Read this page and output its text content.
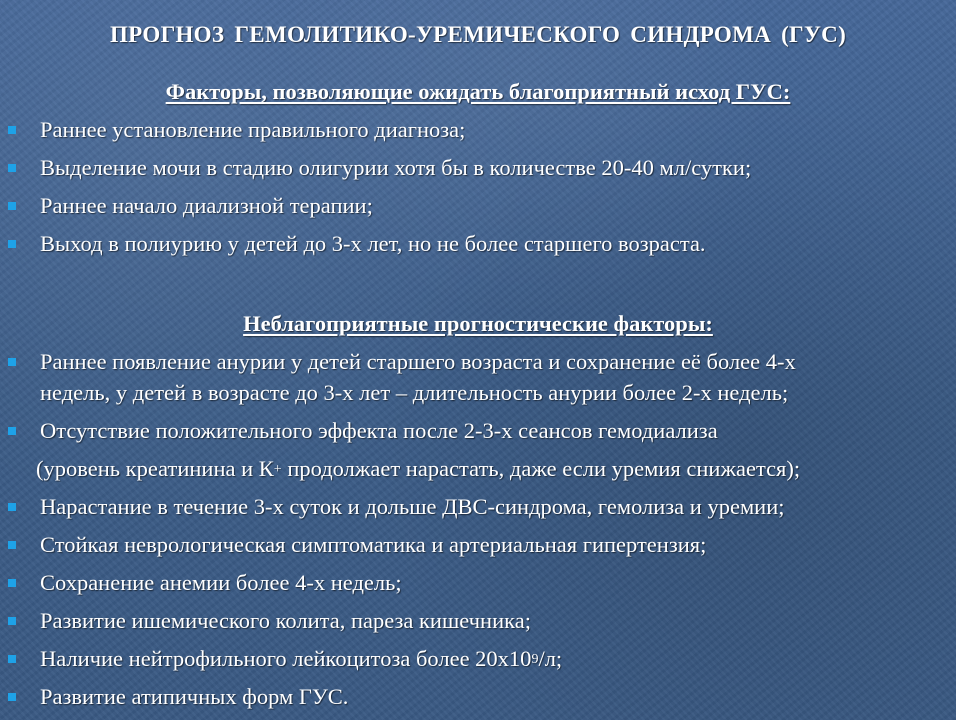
ПРОГНОЗ ГЕМОЛИТИКО-УРЕМИЧЕСКОГО СИНДРОМА (ГУС)
Факторы, позволяющие ожидать благоприятный исход ГУС:
Раннее установление правильного диагноза;
Выделение мочи в стадию олигурии хотя бы в количестве 20-40 мл/сутки;
Раннее начало диализной терапии;
Выход в полиурию у детей до 3-х лет, но не более старшего возраста.
Неблагоприятные прогностические факторы:
Раннее появление анурии у детей старшего возраста и сохранение её более 4-х
недель, у детей в возрасте до 3-х лет – длительность анурии более 2-х недель;
Отсутствие положительного эффекта после 2-3-х сеансов гемодиализа
(уровень креатинина и К+ продолжает нарастать, даже если уремия снижается);
Нарастание в течение 3-х суток и дольше ДВС-синдрома, гемолиза и уремии;
Стойкая неврологическая симптоматика и артериальная гипертензия;
Сохранение анемии более 4-х недель;
Развитие ишемического колита, пареза кишечника;
Наличие нейтрофильного лейкоцитоза более $20х10^9/л$;
Развитие атипичных форм ГУС.
